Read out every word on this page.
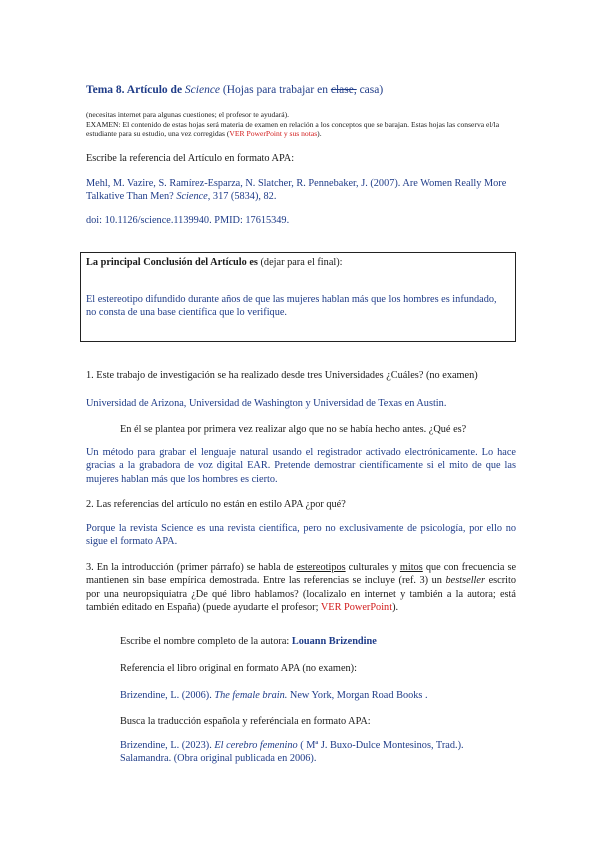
Tema 8. Artículo de Science (Hojas para trabajar en clase, casa)
(necesitas internet para algunas cuestiones; el profesor te ayudará).
EXAMEN: El contenido de estas hojas será materia de examen en relación a los conceptos que se barajan. Estas hojas las conserva el/la estudiante para su estudio, una vez corregidas (VER PowerPoint y sus notas).
Escribe la referencia del Artículo en formato APA:
Mehl, M. Vazire, S. Ramírez-Esparza, N. Slatcher, R. Pennebaker, J. (2007). Are Women Really More Talkative Than Men? Science, 317 (5834), 82.
doi: 10.1126/science.1139940. PMID: 17615349.
La principal Conclusión del Artículo es (dejar para el final):
El estereotipo difundido durante años de que las mujeres hablan más que los hombres es infundado, no consta de una base científica que lo verifique.
1. Este trabajo de investigación se ha realizado desde tres Universidades ¿Cuáles? (no examen)
Universidad de Arizona, Universidad de Washington y Universidad de Texas en Austin.
En él se plantea por primera vez realizar algo que no se había hecho antes. ¿Qué es?
Un método para grabar el lenguaje natural usando el registrador activado electrónicamente. Lo hace gracias a la grabadora de voz digital EAR. Pretende demostrar científicamente si el mito de que las mujeres hablan más que los hombres es cierto.
2. Las referencias del artículo no están en estilo APA ¿por qué?
Porque la revista Science es una revista científica, pero no exclusivamente de psicología, por ello no sigue el formato APA.
3. En la introducción (primer párrafo) se habla de estereotipos culturales y mitos que con frecuencia se mantienen sin base empírica demostrada. Entre las referencias se incluye (ref. 3) un bestseller escrito por una neuropsiquiatra ¿De qué libro hablamos? (localizalo en internet y también a la autora; está también editado en España) (puede ayudarte el profesor; VER PowerPoint).
Escribe el nombre completo de la autora: Louann Brizendine
Referencia el libro original en formato APA (no examen):
Brizendine, L. (2006). The female brain. New York, Morgan Road Books .
Busca la traducción española y referénciala en formato APA:
Brizendine, L. (2023). El cerebro femenino ( Mª J. Buxo-Dulce Montesinos, Trad.). Salamandra. (Obra original publicada en 2006).
